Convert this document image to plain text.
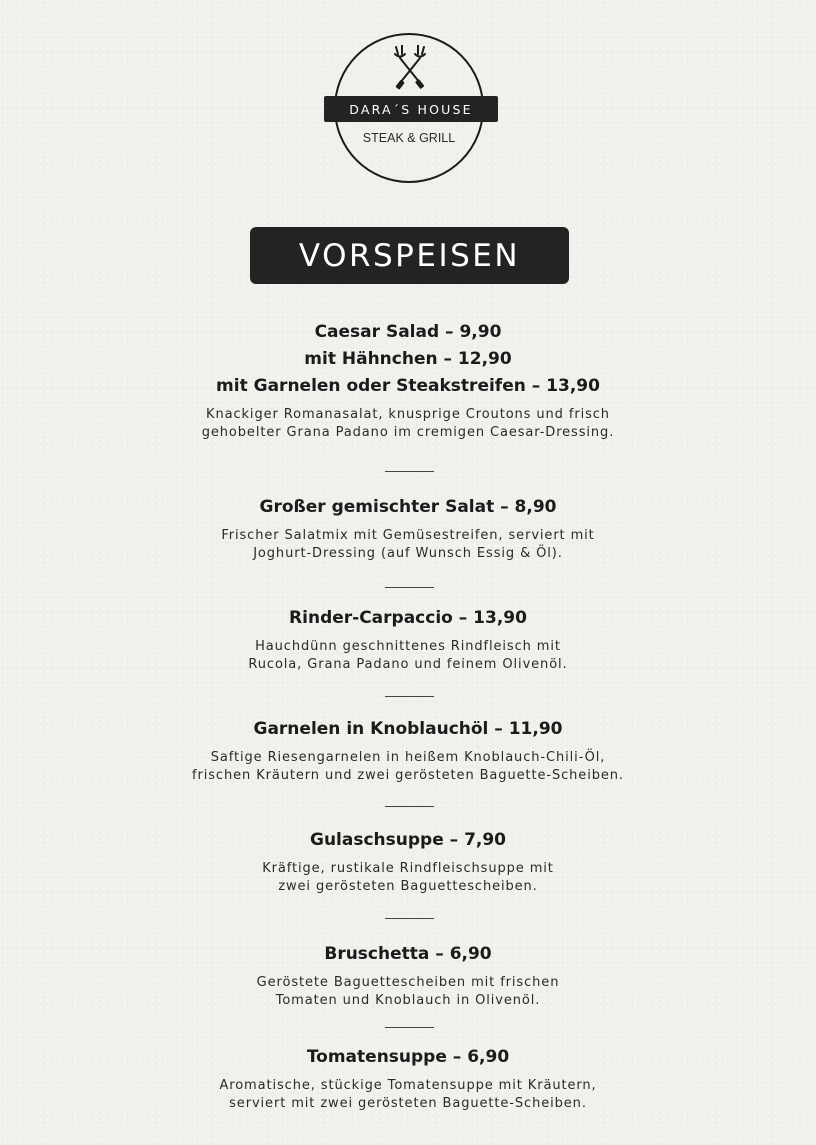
DARA´S HOUSE
STEAK & GRILL
VORSPEISEN
Caesar Salad – 9,90
mit Hähnchen – 12,90
mit Garnelen oder Steakstreifen – 13,90
Knackiger Romanasalat, knusprige Croutons und frisch
gehobelter Grana Padano im cremigen Caesar-Dressing.
Großer gemischter Salat – 8,90
Frischer Salatmix mit Gemüsestreifen, serviert mit
Joghurt-Dressing (auf Wunsch Essig & Öl).
Rinder-Carpaccio – 13,90
Hauchdünn geschnittenes Rindfleisch mit
Rucola, Grana Padano und feinem Olivenöl.
Garnelen in Knoblauchöl – 11,90
Saftige Riesengarnelen in heißem Knoblauch-Chili-Öl,
frischen Kräutern und zwei gerösteten Baguette-Scheiben.
Gulaschsuppe – 7,90
Kräftige, rustikale Rindfleischsuppe mit
zwei gerösteten Baguettescheiben.
Bruschetta – 6,90
Geröstete Baguettescheiben mit frischen
Tomaten und Knoblauch in Olivenöl.
Tomatensuppe – 6,90
Aromatische, stückige Tomatensuppe mit Kräutern,
serviert mit zwei gerösteten Baguette-Scheiben.
